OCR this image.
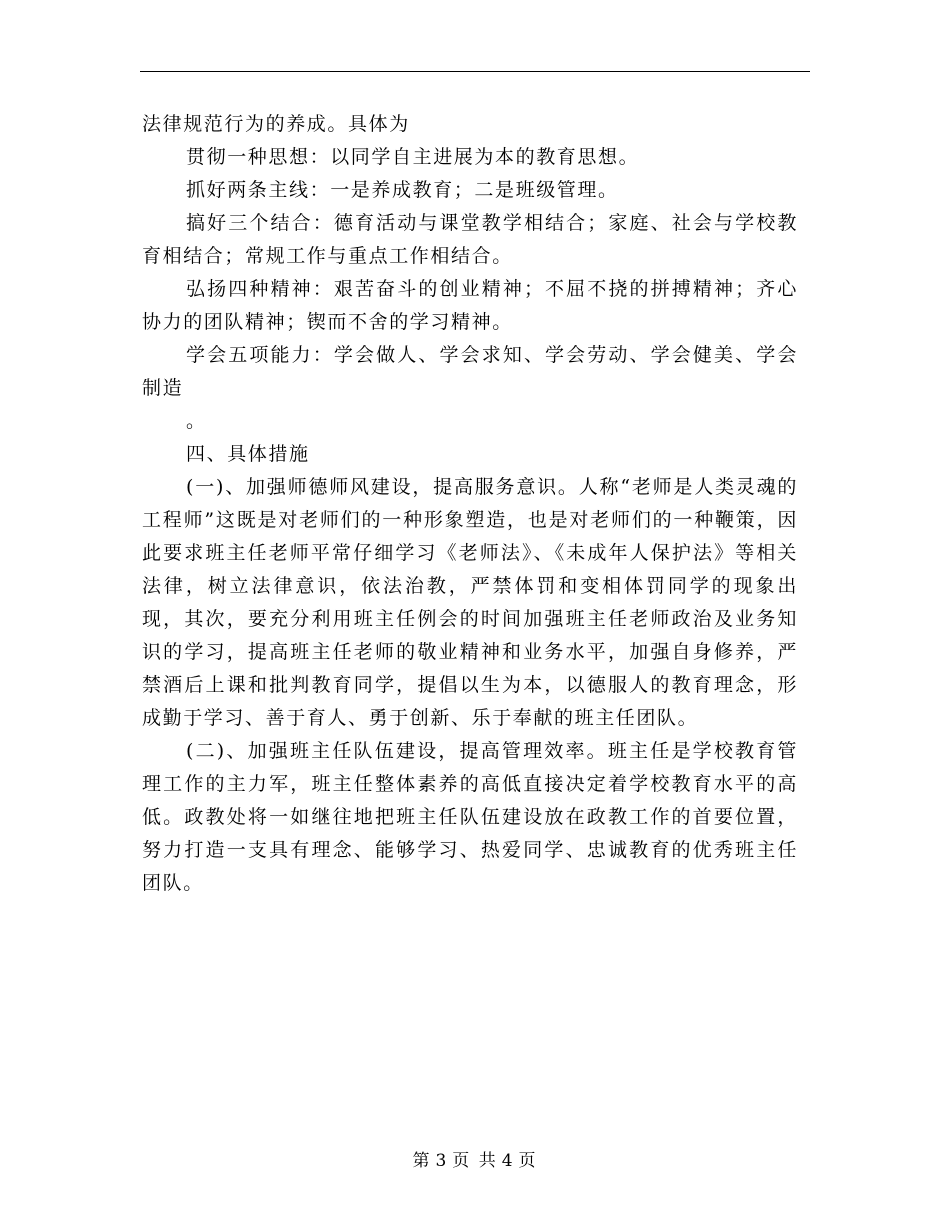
法律规范行为的养成。具体为

贯彻一种思想：以同学自主进展为本的教育思想。

抓好两条主线：一是养成教育；二是班级管理。

搞好三个结合：德育活动与课堂教学相结合；家庭、社会与学校教育相结合；常规工作与重点工作相结合。

弘扬四种精神：艰苦奋斗的创业精神；不屈不挠的拼搏精神；齐心协力的团队精神；锲而不舍的学习精神。

学会五项能力：学会做人、学会求知、学会劳动、学会健美、学会制造

。

四、具体措施

(一)、加强师德师风建设，提高服务意识。人称“老师是人类灵魂的工程师”这既是对老师们的一种形象塑造，也是对老师们的一种鞭策，因此要求班主任老师平常仔细学习《老师法》、《未成年人保护法》等相关法律，树立法律意识，依法治教，严禁体罚和变相体罚同学的现象出现，其次，要充分利用班主任例会的时间加强班主任老师政治及业务知识的学习，提高班主任老师的敬业精神和业务水平，加强自身修养，严禁酒后上课和批判教育同学，提倡以生为本，以德服人的教育理念，形成勤于学习、善于育人、勇于创新、乐于奉献的班主任团队。

(二)、加强班主任队伍建设，提高管理效率。班主任是学校教育管理工作的主力军，班主任整体素养的高低直接决定着学校教育水平的高低。政教处将一如继往地把班主任队伍建设放在政教工作的首要位置，努力打造一支具有理念、能够学习、热爱同学、忠诚教育的优秀班主任团队。

第 3 页 共 4 页
